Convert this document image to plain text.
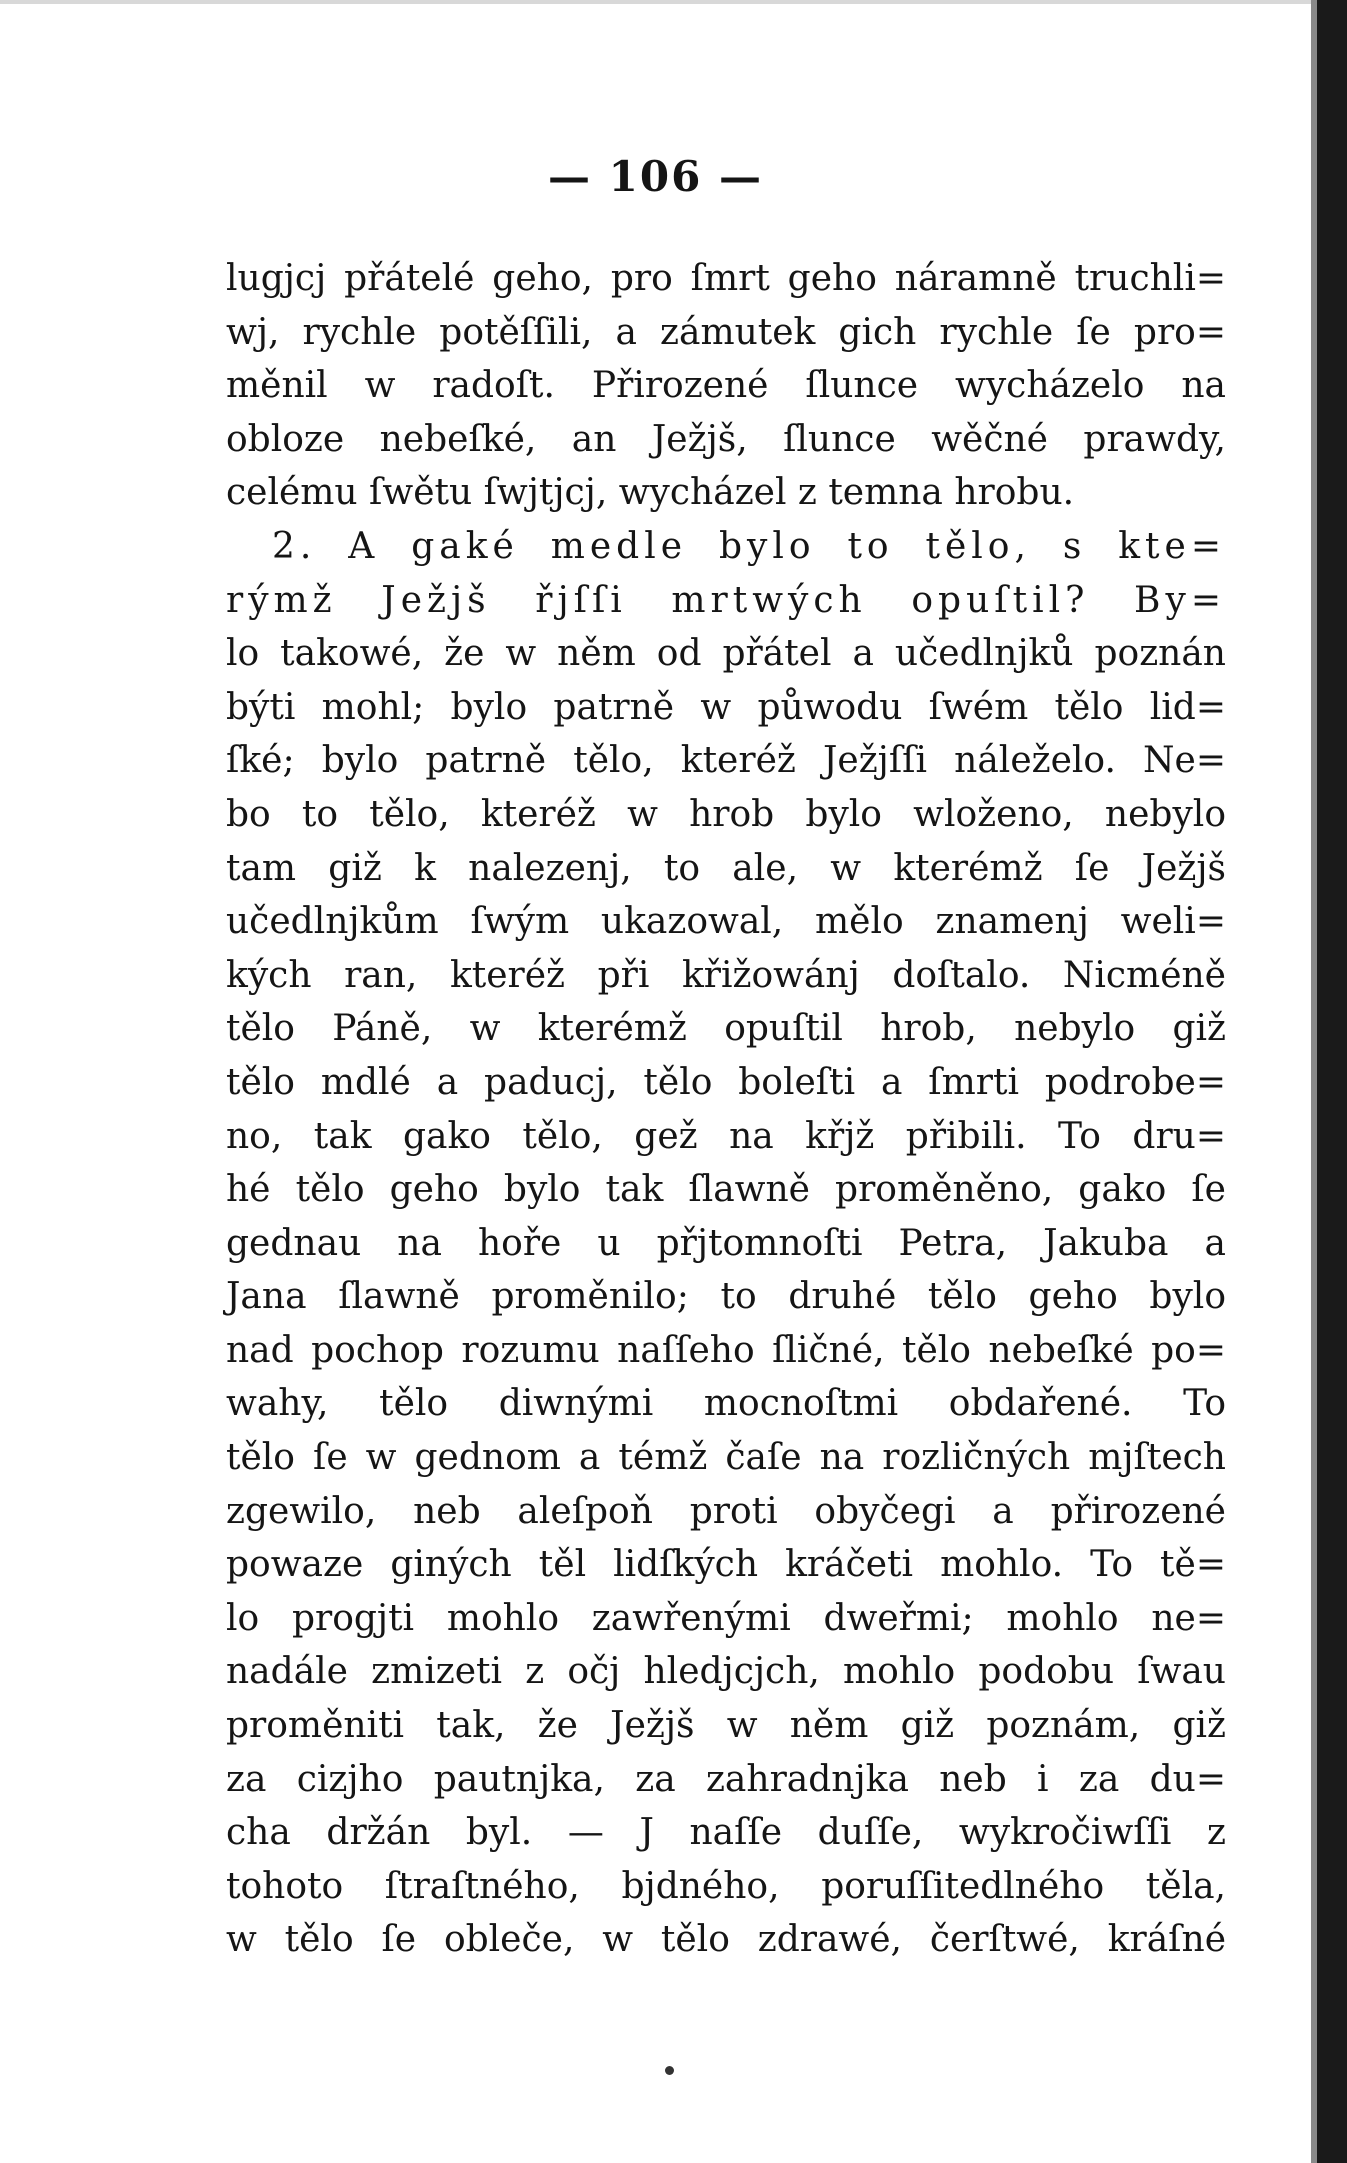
— 106 —
lugjcj přátelé geho, pro ſmrt geho náramně truchli=
wj, rychle potěſſili, a zámutek gich rychle ſe pro=
měnil w radoſt. Přirozené ſlunce wycházelo na
obloze nebeſké, an Ježjš, ſlunce wěčné prawdy,
celému ſwětu ſwjtjcj, wycházel z temna hrobu.
2. A gaké medle bylo to tělo, s kte=
rýmž Ježjš řjſſi mrtwých opuſtil? By=
lo takowé, že w něm od přátel a učedlnjků poznán
býti mohl; bylo patrně w půwodu ſwém tělo lid=
ſké; bylo patrně tělo, kteréž Ježjſſi náleželo. Ne=
bo to tělo, kteréž w hrob bylo wloženo, nebylo
tam giž k nalezenj, to ale, w kterémž ſe Ježjš
učedlnjkům ſwým ukazowal, mělo znamenj weli=
kých ran, kteréž při křižowánj doſtalo. Nicméně
tělo Páně, w kterémž opuſtil hrob, nebylo giž
tělo mdlé a paducj, tělo boleſti a ſmrti podrobe=
no, tak gako tělo, gež na křjž přibili. To dru=
hé tělo geho bylo tak ſlawně proměněno, gako ſe
gednau na hoře u přjtomnoſti Petra, Jakuba a
Jana ſlawně proměnilo; to druhé tělo geho bylo
nad pochop rozumu naſſeho ſličné, tělo nebeſké po=
wahy, tělo diwnými mocnoſtmi obdařené. To
tělo ſe w gednom a témž čaſe na rozličných mjſtech
zgewilo, neb aleſpoň proti obyčegi a přirozené
powaze giných těl lidſkých kráčeti mohlo. To tě=
lo progjti mohlo zawřenými dweřmi; mohlo ne=
nadále zmizeti z očj hledjcjch, mohlo podobu ſwau
proměniti tak, že Ježjš w něm giž poznám, giž
za cizjho pautnjka, za zahradnjka neb i za du=
cha držán byl. — J naſſe duſſe, wykročiwſſi z
tohoto ſtraſtného, bjdného, poruſſitedlného těla,
w tělo ſe obleče, w tělo zdrawé, čerſtwé, kráſné
